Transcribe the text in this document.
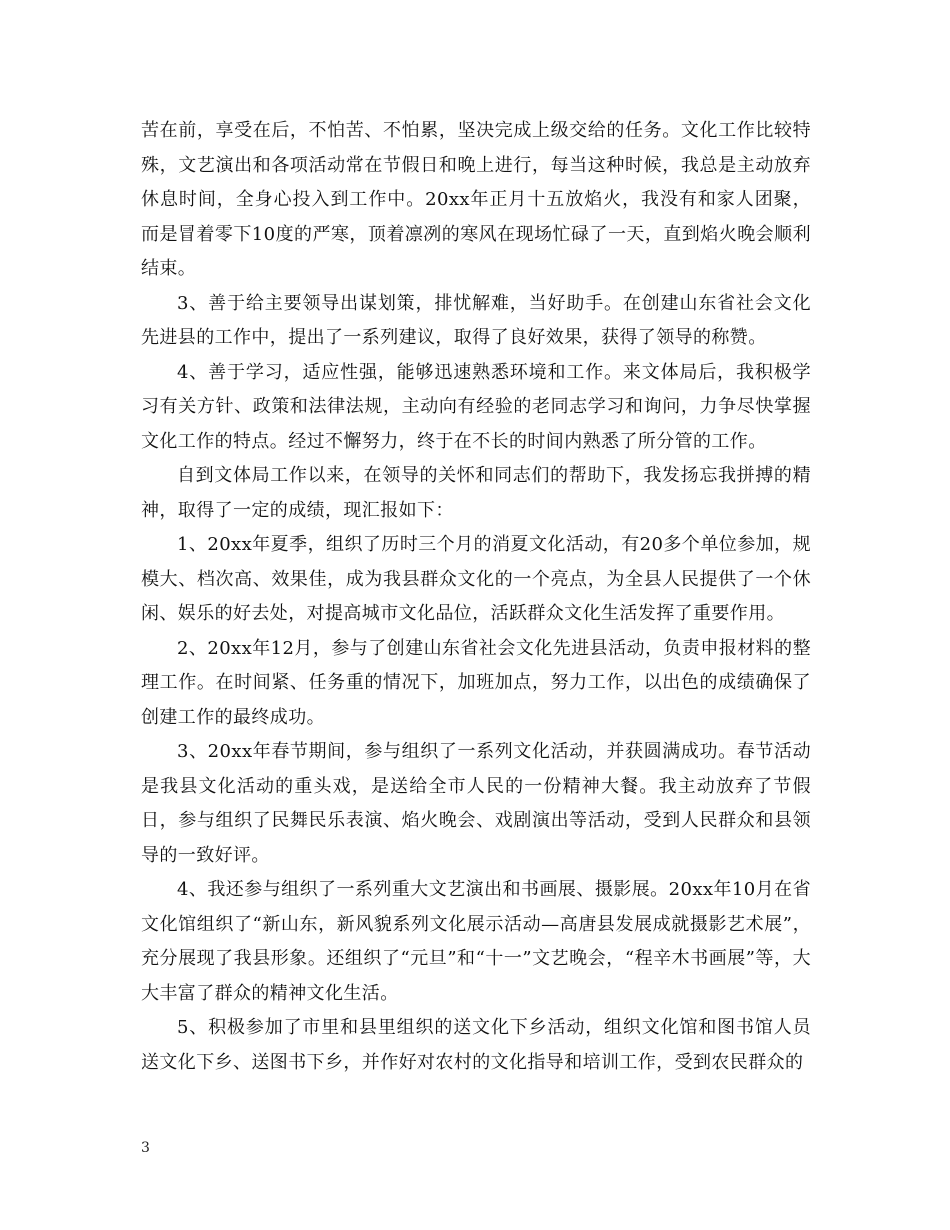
苦在前，享受在后，不怕苦、不怕累，坚决完成上级交给的任务。文化工作比较特殊，文艺演出和各项活动常在节假日和晚上进行，每当这种时候，我总是主动放弃休息时间，全身心投入到工作中。20xx年正月十五放焰火，我没有和家人团聚，而是冒着零下10度的严寒，顶着凛冽的寒风在现场忙碌了一天，直到焰火晚会顺利结束。

3、善于给主要领导出谋划策，排忧解难，当好助手。在创建山东省社会文化先进县的工作中，提出了一系列建议，取得了良好效果，获得了领导的称赞。

4、善于学习，适应性强，能够迅速熟悉环境和工作。来文体局后，我积极学习有关方针、政策和法律法规，主动向有经验的老同志学习和询问，力争尽快掌握文化工作的特点。经过不懈努力，终于在不长的时间内熟悉了所分管的工作。

自到文体局工作以来，在领导的关怀和同志们的帮助下，我发扬忘我拼搏的精神，取得了一定的成绩，现汇报如下：

1、20xx年夏季，组织了历时三个月的消夏文化活动，有20多个单位参加，规模大、档次高、效果佳，成为我县群众文化的一个亮点，为全县人民提供了一个休闲、娱乐的好去处，对提高城市文化品位，活跃群众文化生活发挥了重要作用。

2、20xx年12月，参与了创建山东省社会文化先进县活动，负责申报材料的整理工作。在时间紧、任务重的情况下，加班加点，努力工作，以出色的成绩确保了创建工作的最终成功。

3、20xx年春节期间，参与组织了一系列文化活动，并获圆满成功。春节活动是我县文化活动的重头戏，是送给全市人民的一份精神大餐。我主动放弃了节假日，参与组织了民舞民乐表演、焰火晚会、戏剧演出等活动，受到人民群众和县领导的一致好评。

4、我还参与组织了一系列重大文艺演出和书画展、摄影展。20xx年10月在省文化馆组织了“新山东，新风貌系列文化展示活动—高唐县发展成就摄影艺术展”，充分展现了我县形象。还组织了“元旦”和“十一”文艺晚会，“程辛木书画展”等，大大丰富了群众的精神文化生活。

5、积极参加了市里和县里组织的送文化下乡活动，组织文化馆和图书馆人员送文化下乡、送图书下乡，并作好对农村的文化指导和培训工作，受到农民群众的

3
